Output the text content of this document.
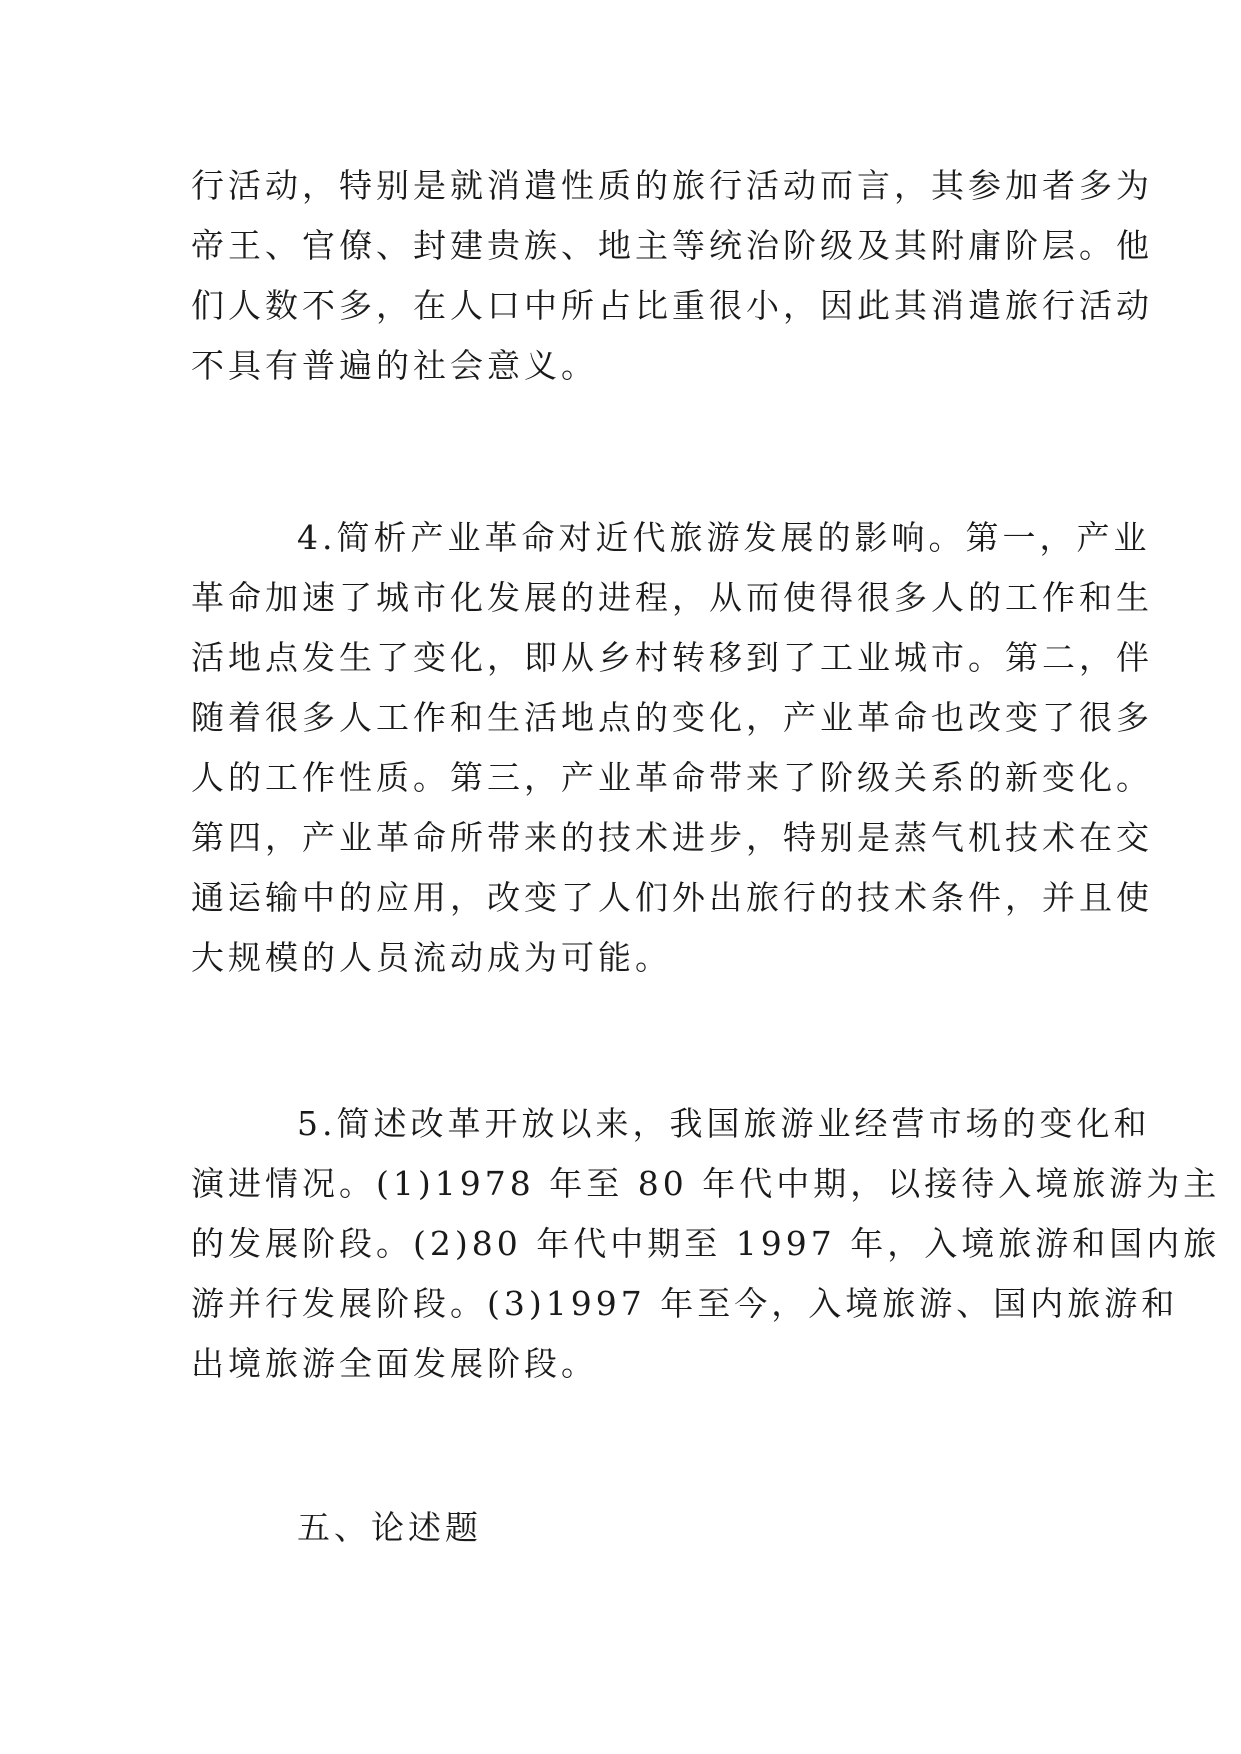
行活动，特别是就消遣性质的旅行活动而言，其参加者多为
帝王、官僚、封建贵族、地主等统治阶级及其附庸阶层。他
们人数不多，在人口中所占比重很小，因此其消遣旅行活动
不具有普遍的社会意义。
4.简析产业革命对近代旅游发展的影响。第一，产业
革命加速了城市化发展的进程，从而使得很多人的工作和生
活地点发生了变化，即从乡村转移到了工业城市。第二，伴
随着很多人工作和生活地点的变化，产业革命也改变了很多
人的工作性质。第三，产业革命带来了阶级关系的新变化。
第四，产业革命所带来的技术进步，特别是蒸气机技术在交
通运输中的应用，改变了人们外出旅行的技术条件，并且使
大规模的人员流动成为可能。
5.简述改革开放以来，我国旅游业经营市场的变化和
演进情况。(1)1978 年至 80 年代中期，以接待入境旅游为主
的发展阶段。(2)80 年代中期至 1997 年，入境旅游和国内旅
游并行发展阶段。(3)1997 年至今，入境旅游、国内旅游和
出境旅游全面发展阶段。
五、论述题
